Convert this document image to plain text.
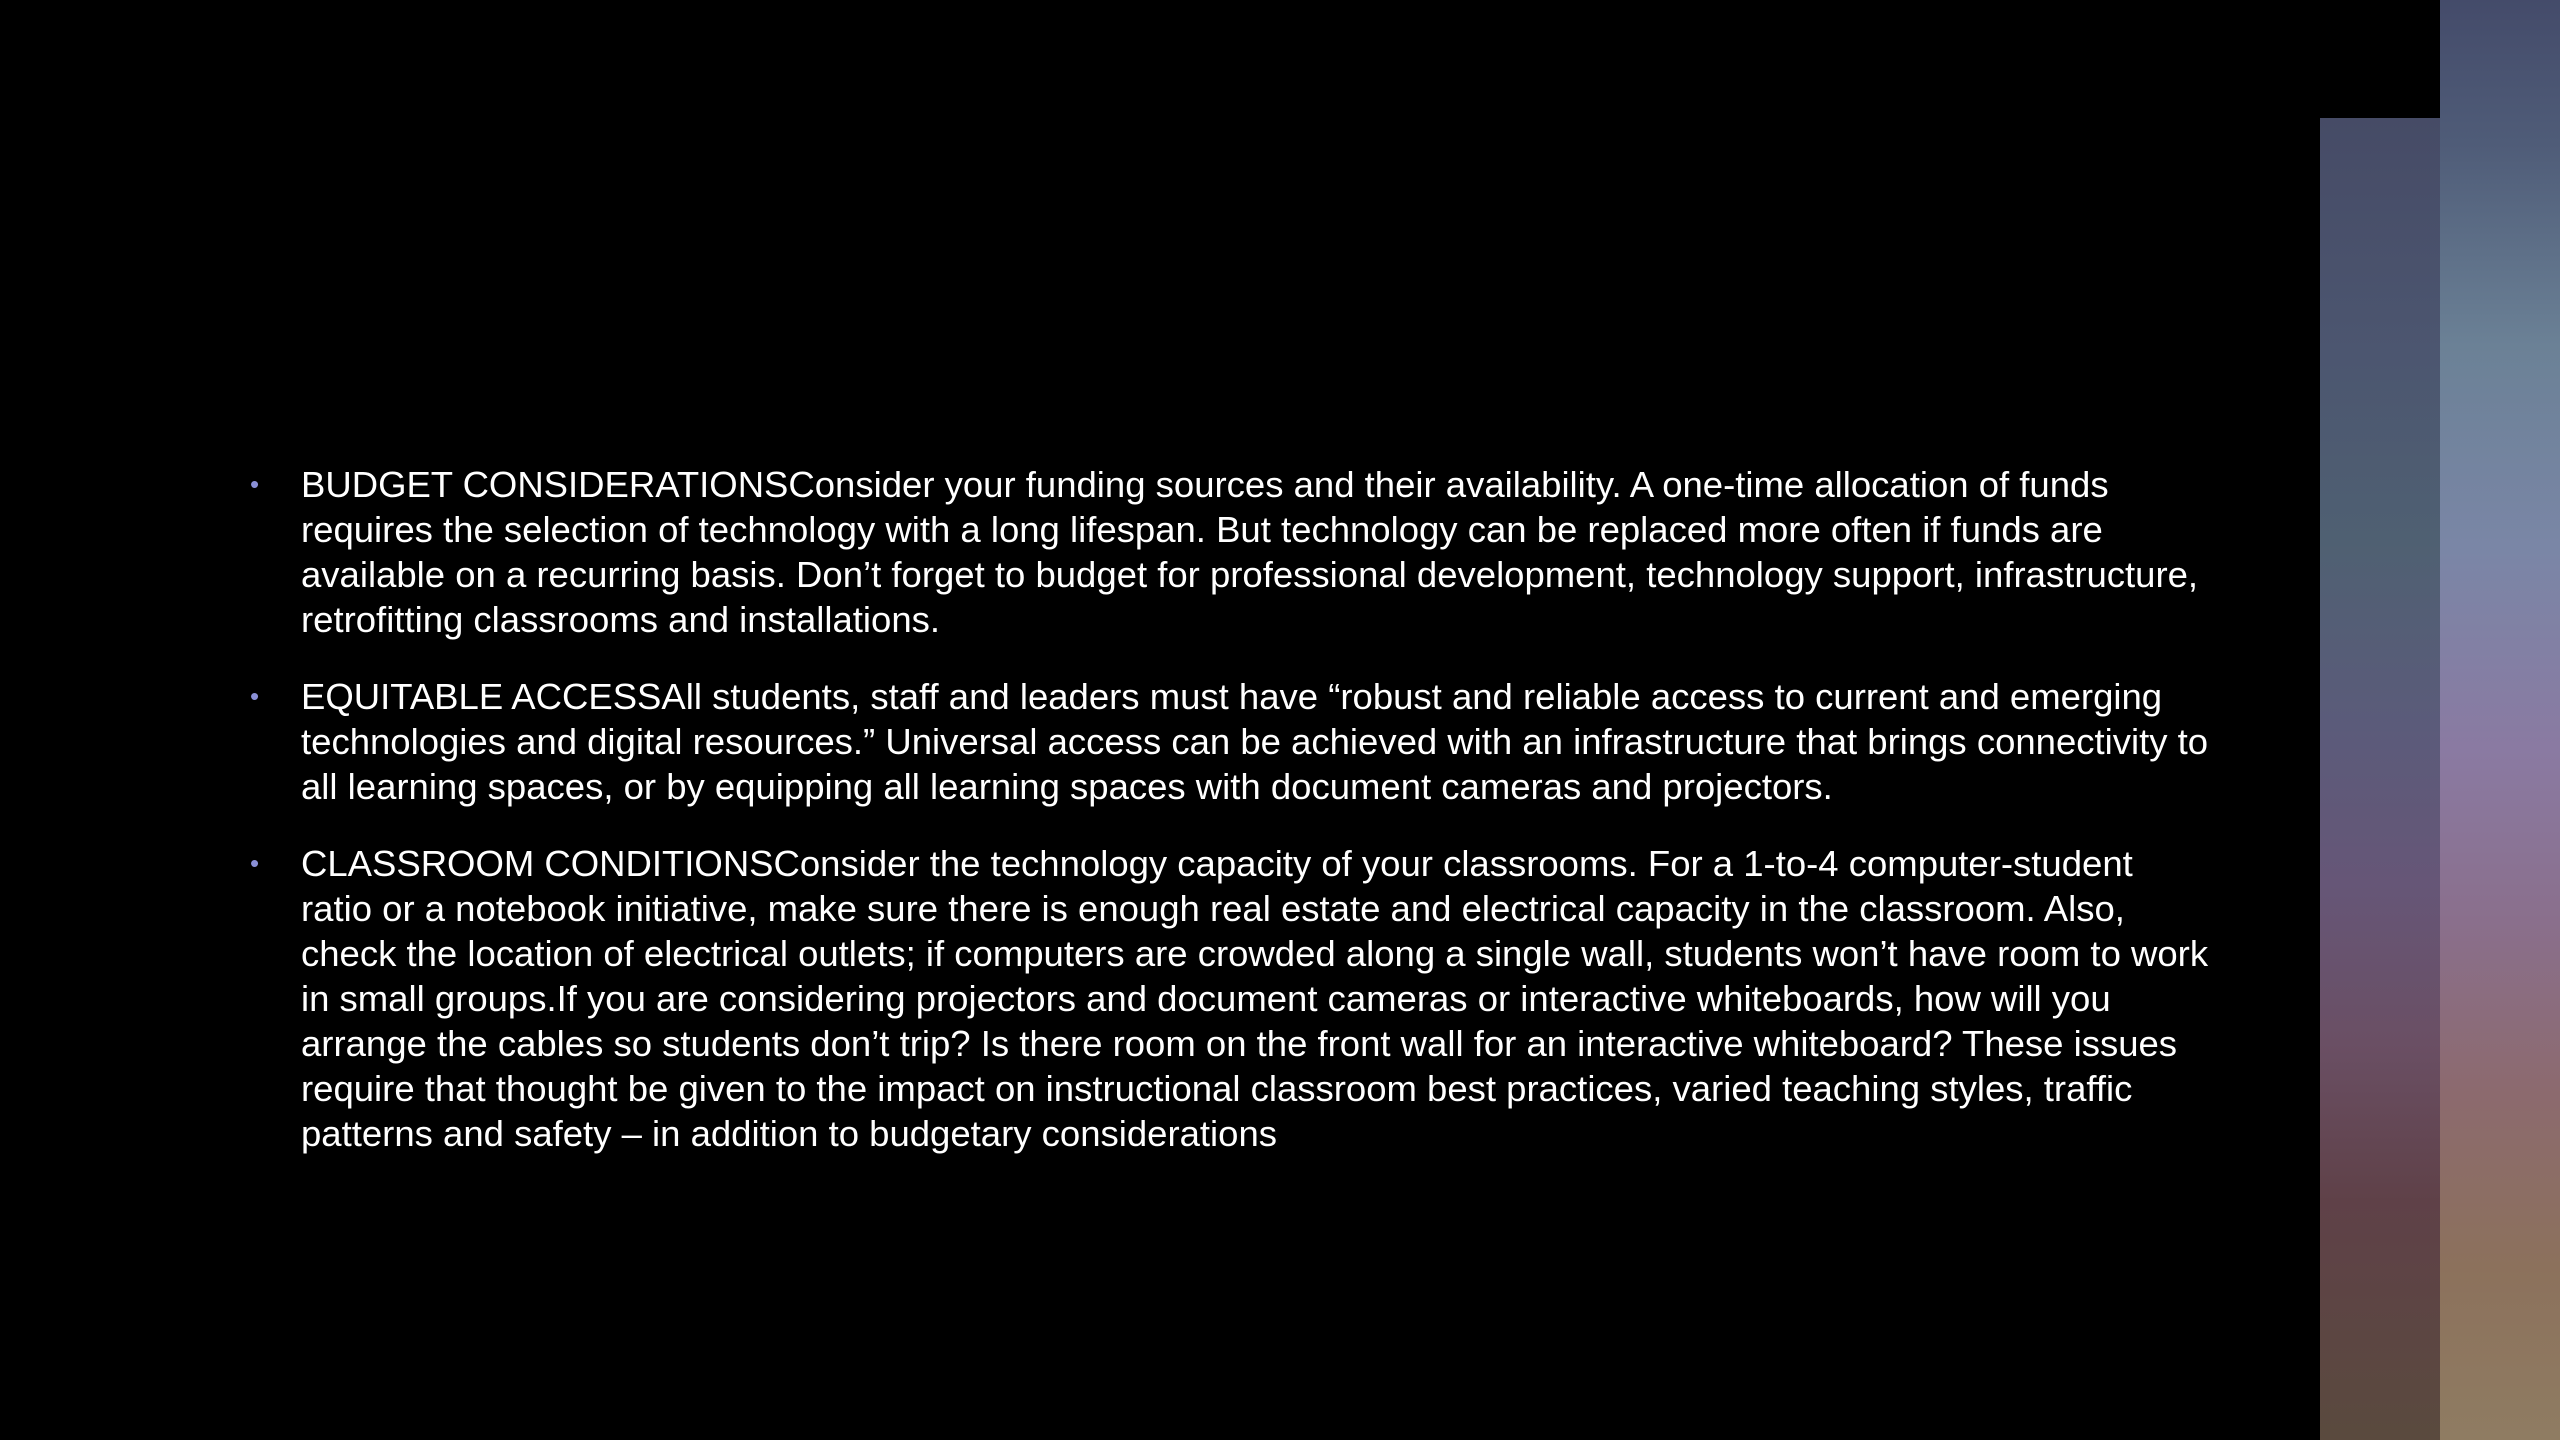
• BUDGET CONSIDERATIONSConsider your funding sources and their availability. A one-time allocation of funds requires the selection of technology with a long lifespan. But technology can be replaced more often if funds are available on a recurring basis. Don’t forget to budget for professional development, technology support, infrastructure, retrofitting classrooms and installations.
• EQUITABLE ACCESSAll students, staff and leaders must have “robust and reliable access to current and emerging technologies and digital resources.” Universal access can be achieved with an infrastructure that brings connectivity to all learning spaces, or by equipping all learning spaces with document cameras and projectors.
• CLASSROOM CONDITIONSConsider the technology capacity of your classrooms. For a 1-to-4 computer-student ratio or a notebook initiative, make sure there is enough real estate and electrical capacity in the classroom. Also, check the location of electrical outlets; if computers are crowded along a single wall, students won’t have room to work in small groups.If you are considering projectors and document cameras or interactive whiteboards, how will you arrange the cables so students don’t trip? Is there room on the front wall for an interactive whiteboard? These issues require that thought be given to the impact on instructional classroom best practices, varied teaching styles, traffic patterns and safety – in addition to budgetary considerations
